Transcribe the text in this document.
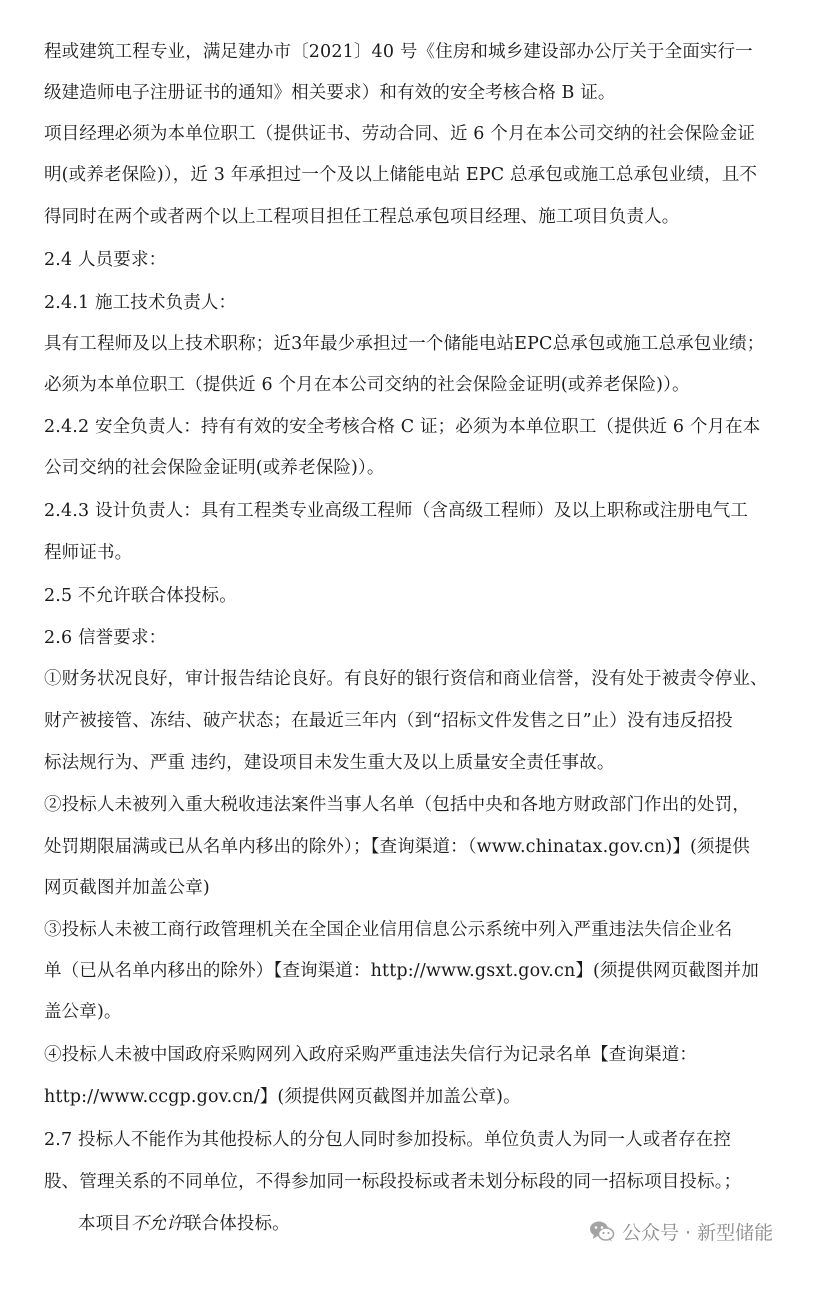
程或建筑工程专业，满足建办市〔2021〕40 号《住房和城乡建设部办公厅关于全面实行一
级建造师电子注册证书的通知》相关要求）和有效的安全考核合格 B 证。
项目经理必须为本单位职工（提供证书、劳动合同、近 6 个月在本公司交纳的社会保险金证
明(或养老保险)），近 3 年承担过一个及以上储能电站 EPC 总承包或施工总承包业绩，且不
得同时在两个或者两个以上工程项目担任工程总承包项目经理、施工项目负责人。
2.4 人员要求：
2.4.1 施工技术负责人：
具有工程师及以上技术职称；近3年最少承担过一个储能电站EPC总承包或施工总承包业绩；
必须为本单位职工（提供近 6 个月在本公司交纳的社会保险金证明(或养老保险)）。
2.4.2 安全负责人：持有有效的安全考核合格 C 证；必须为本单位职工（提供近 6 个月在本
公司交纳的社会保险金证明(或养老保险)）。
2.4.3 设计负责人：具有工程类专业高级工程师（含高级工程师）及以上职称或注册电气工
程师证书。
2.5 不允许联合体投标。
2.6 信誉要求：
①财务状况良好，审计报告结论良好。有良好的银行资信和商业信誉，没有处于被责令停业、
财产被接管、冻结、破产状态；在最近三年内（到“招标文件发售之日”止）没有违反招投
标法规行为、严重 违约，建设项目未发生重大及以上质量安全责任事故。
②投标人未被列入重大税收违法案件当事人名单（包括中央和各地方财政部门作出的处罚，
处罚期限届满或已从名单内移出的除外）；【查询渠道：（www.chinatax.gov.cn)】(须提供
网页截图并加盖公章)
③投标人未被工商行政管理机关在全国企业信用信息公示系统中列入严重违法失信企业名
单（已从名单内移出的除外）【查询渠道：http://www.gsxt.gov.cn】(须提供网页截图并加
盖公章)。
④投标人未被中国政府采购网列入政府采购严重违法失信行为记录名单【查询渠道：
http://www.ccgp.gov.cn/】(须提供网页截图并加盖公章)。
2.7 投标人不能作为其他投标人的分包人同时参加投标。单位负责人为同一人或者存在控
股、管理关系的不同单位，不得参加同一标段投标或者未划分标段的同一招标项目投标。；
本项目不允许联合体投标。	公众号 · 新型储能
